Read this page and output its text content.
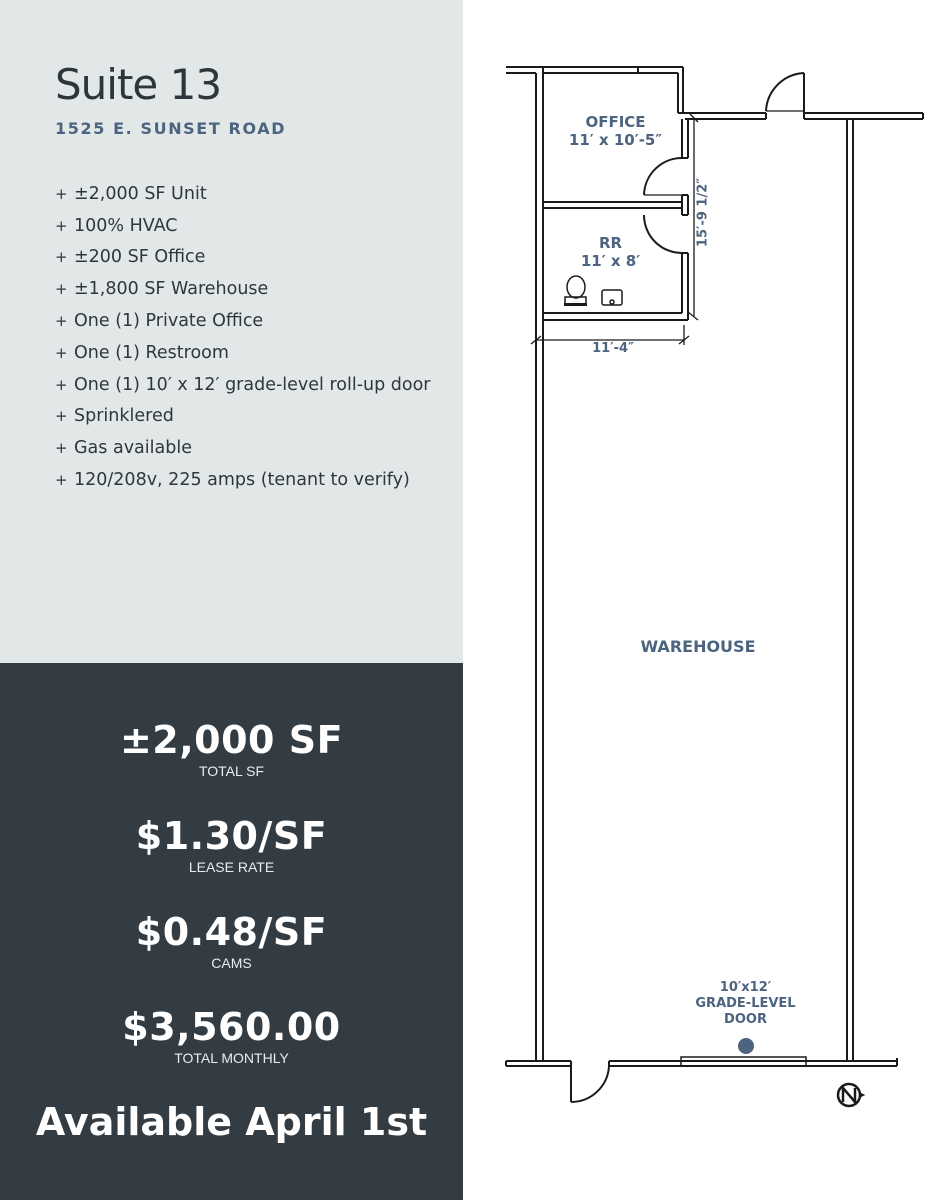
Suite 13

1525 E. SUNSET ROAD

+ ±2,000 SF Unit
+ 100% HVAC
+ ±200 SF Office
+ ±1,800 SF Warehouse
+ One (1) Private Office
+ One (1) Restroom
+ One (1) 10′ x 12′ grade-level roll-up door
+ Sprinklered
+ Gas available
+ 120/208v, 225 amps (tenant to verify)
±2,000 SF
TOTAL SF
$1.30/SF
LEASE RATE
$0.48/SF
CAMS
$3,560.00
TOTAL MONTHLY
Available April 1st
OFFICE
11′ x 10′-5″
RR
11′ x 8′
15′-9 1/2″
11′-4″
WAREHOUSE
10′x12′
GRADE-LEVEL
DOOR
